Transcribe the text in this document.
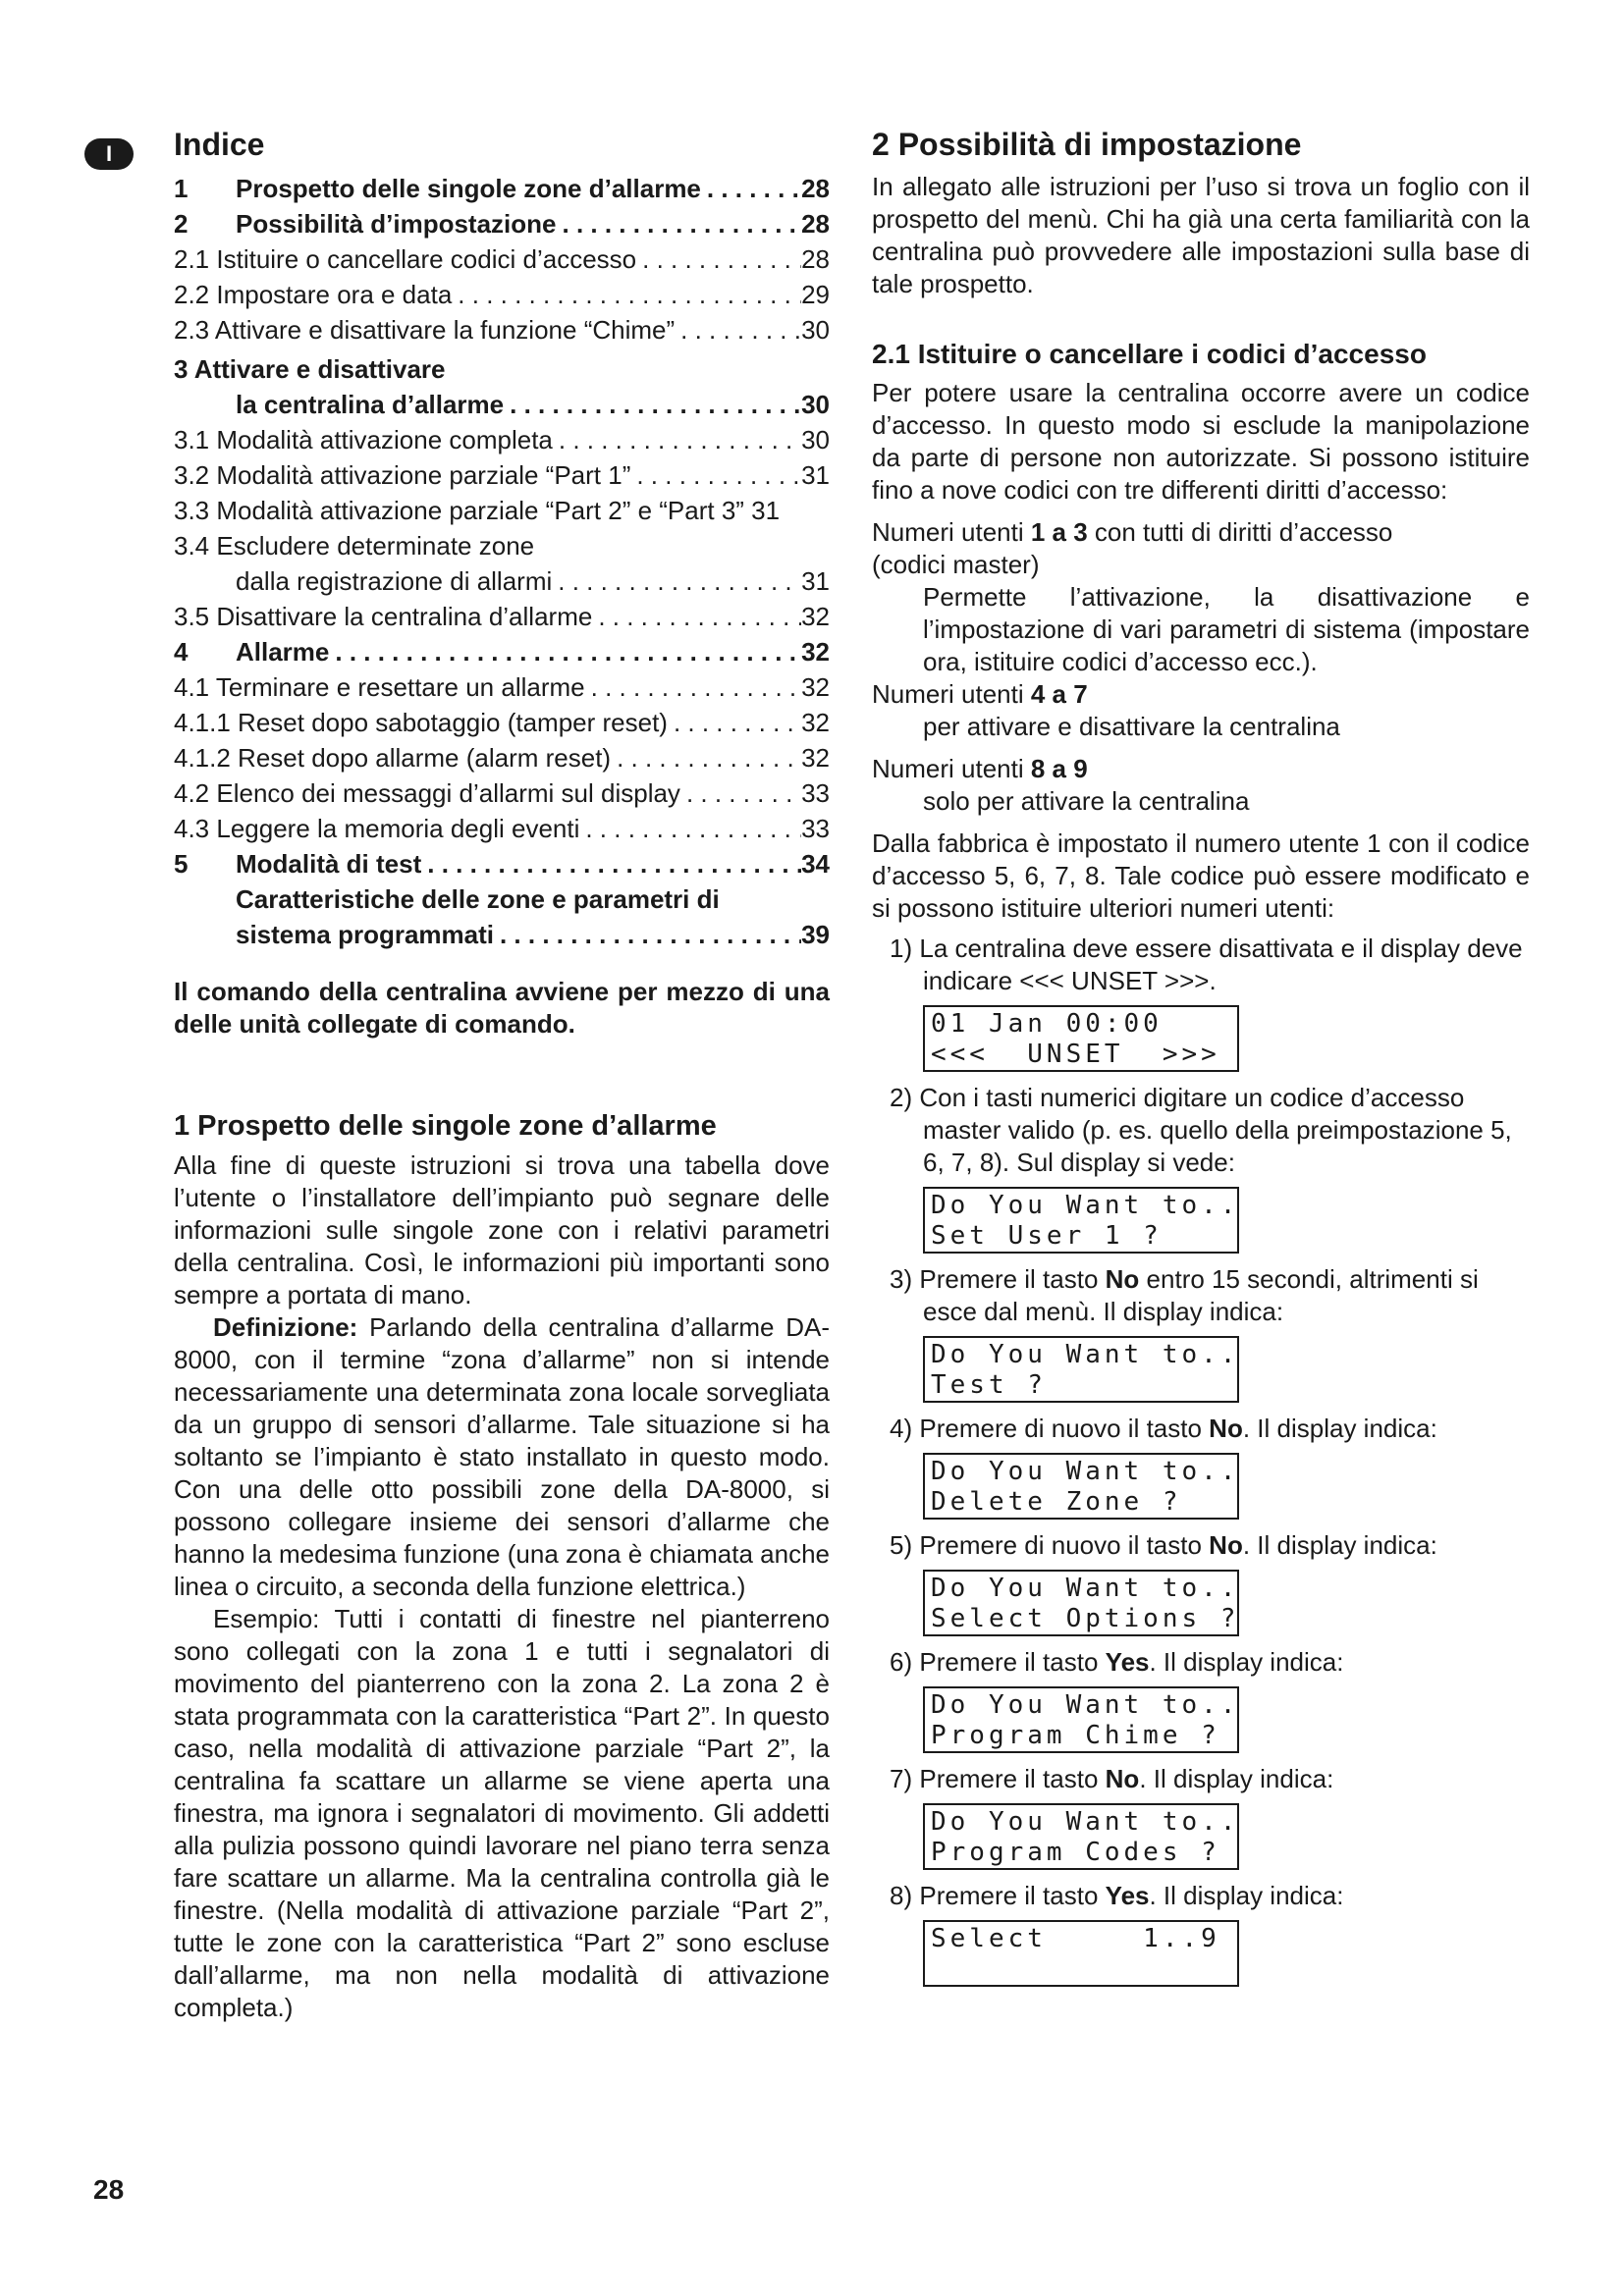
I	Indice
1	Prospetto delle singole zone d’allarme . . .	28
2	Possibilità d’impostazione . . .	28
2.1 Istituire o cancellare codici d’accesso . . .	28
2.2 Impostare ora e data . . .	29
2.3 Attivare e disattivare la funzione “Chime” . . .	30
3 Attivare e disattivare
la centralina d’allarme . . .	30
3.1 Modalità attivazione completa . . .	30
3.2 Modalità attivazione parziale “Part 1” . . .	31
3.3 Modalità attivazione parziale “Part 2” e “Part 3” 31
3.4 Escludere determinate zone
dalla registrazione di allarmi . . .	31
3.5 Disattivare la centralina d’allarme . . .	32
4	Allarme . . .	32
4.1 Terminare e resettare un allarme . . .	32
4.1.1 Reset dopo sabotaggio (tamper reset) . . .	32
4.1.2 Reset dopo allarme (alarm reset) . . .	32
4.2 Elenco dei messaggi d’allarmi sul display . . .	33
4.3 Leggere la memoria degli eventi . . .	33
5	Modalità di test . . .	34
Caratteristiche delle zone e parametri di
sistema programmati . . .	39

Il comando della centralina avviene per mezzo di una delle unità collegate di comando.

1 Prospetto delle singole zone d’allarme

Alla fine di queste istruzioni si trova una tabella dove l’utente o l’installatore dell’impianto può segnare delle informazioni sulle singole zone con i relativi parametri della centralina. Così, le informazioni più importanti sono sempre a portata di mano.

Definizione: Parlando della centralina d’allarme DA-8000, con il termine “zona d’allarme” non si intende necessariamente una determinata zona locale sorvegliata da un gruppo di sensori d’allarme. Tale situazione si ha soltanto se l’impianto è stato installato in questo modo. Con una delle otto possibili zone della DA-8000, si possono collegare insieme dei sensori d’allarme che hanno la medesima funzione (una zona è chiamata anche linea o circuito, a seconda della funzione elettrica.)

Esempio: Tutti i contatti di finestre nel pianterreno sono collegati con la zona 1 e tutti i segnalatori di movimento del pianterreno con la zona 2. La zona 2 è stata programmata con la caratteristica “Part 2”. In questo caso, nella modalità di attivazione parziale “Part 2”, la centralina fa scattare un allarme se viene aperta una finestra, ma ignora i segnalatori di movimento. Gli addetti alla pulizia possono quindi lavorare nel piano terra senza fare scattare un allarme. Ma la centralina controlla già le finestre. (Nella modalità di attivazione parziale “Part 2”, tutte le zone con la caratteristica “Part 2” sono escluse dall’allarme, ma non nella modalità di attivazione completa.)

2 Possibilità di impostazione

In allegato alle istruzioni per l’uso si trova un foglio con il prospetto del menù. Chi ha già una certa familiarità con la centralina può provvedere alle impostazioni sulla base di tale prospetto.

2.1 Istituire o cancellare i codici d’accesso

Per potere usare la centralina occorre avere un codice d’accesso. In questo modo si esclude la manipolazione da parte di persone non autorizzate. Si possono istituire fino a nove codici con tre differenti diritti d’accesso:

Numeri utenti 1 a 3 con tutti di diritti d’accesso

(codici master)

Permette l’attivazione, la disattivazione e l’impostazione di vari parametri di sistema (impostare ora, istituire codici d’accesso ecc.).

Numeri utenti 4 a 7

per attivare e disattivare la centralina

Numeri utenti 8 a 9

solo per attivare la centralina

Dalla fabbrica è impostato il numero utente 1 con il codice d’accesso 5, 6, 7, 8. Tale codice può essere modificato e si possono istituire ulteriori numeri utenti:

1) La centralina deve essere disattivata e il display deve indicare <<< UNSET >>>.
01 Jan 00:00
<<<  UNSET  >>>
2) Con i tasti numerici digitare un codice d’accesso master valido (p. es. quello della preimpostazione 5, 6, 7, 8). Sul display si vede:
Do You Want to..
Set User 1 ?
3) Premere il tasto No entro 15 secondi, altrimenti si esce dal menù. Il display indica:
Do You Want to..
Test ?
4) Premere di nuovo il tasto No. Il display indica:
Do You Want to..
Delete Zone ?
5) Premere di nuovo il tasto No. Il display indica:
Do You Want to..
Select Options ?
6) Premere il tasto Yes. Il display indica:
Do You Want to..
Program Chime ?
7) Premere il tasto No. Il display indica:
Do You Want to..
Program Codes ?
8) Premere il tasto Yes. Il display indica:
Select     1..9
28
